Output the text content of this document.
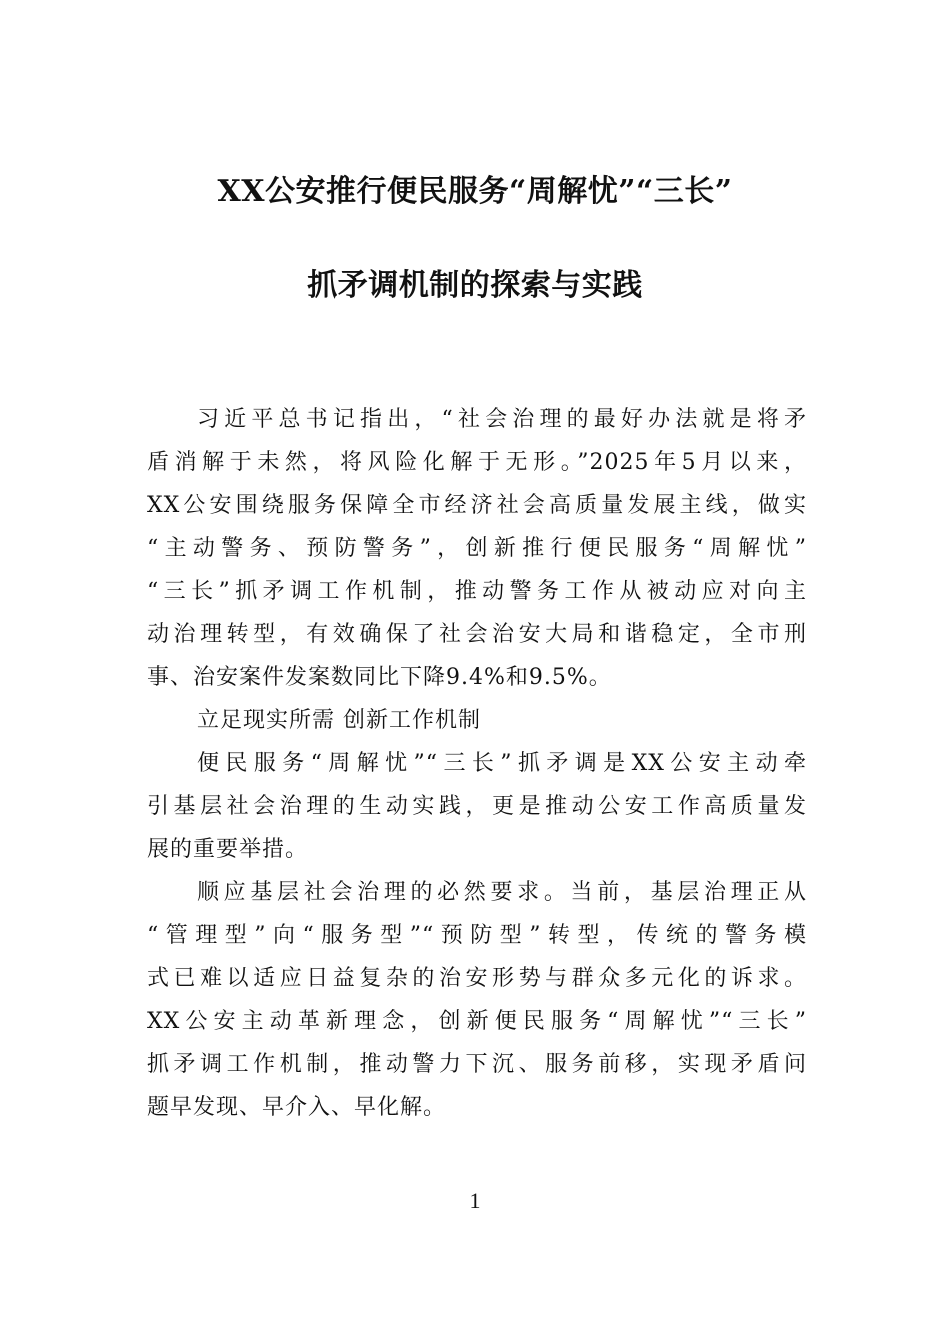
XX公安推行便民服务“周解忧”“三长”
抓矛调机制的探索与实践
习近平总书记指出，“社会治理的最好办法就是将矛
盾消解于未然，将风险化解于无形。”2025年5月以来，
XX公安围绕服务保障全市经济社会高质量发展主线，做实
“主动警务、预防警务”，创新推行便民服务“周解忧”
“三长”抓矛调工作机制，推动警务工作从被动应对向主
动治理转型，有效确保了社会治安大局和谐稳定，全市刑
事、治安案件发案数同比下降9.4%和9.5%。
立足现实所需 创新工作机制
便民服务“周解忧”“三长”抓矛调是XX公安主动牵
引基层社会治理的生动实践，更是推动公安工作高质量发
展的重要举措。
顺应基层社会治理的必然要求。当前，基层治理正从
“管理型”向“服务型”“预防型”转型，传统的警务模
式已难以适应日益复杂的治安形势与群众多元化的诉求。
XX公安主动革新理念，创新便民服务“周解忧”“三长”
抓矛调工作机制，推动警力下沉、服务前移，实现矛盾问
题早发现、早介入、早化解。
1
